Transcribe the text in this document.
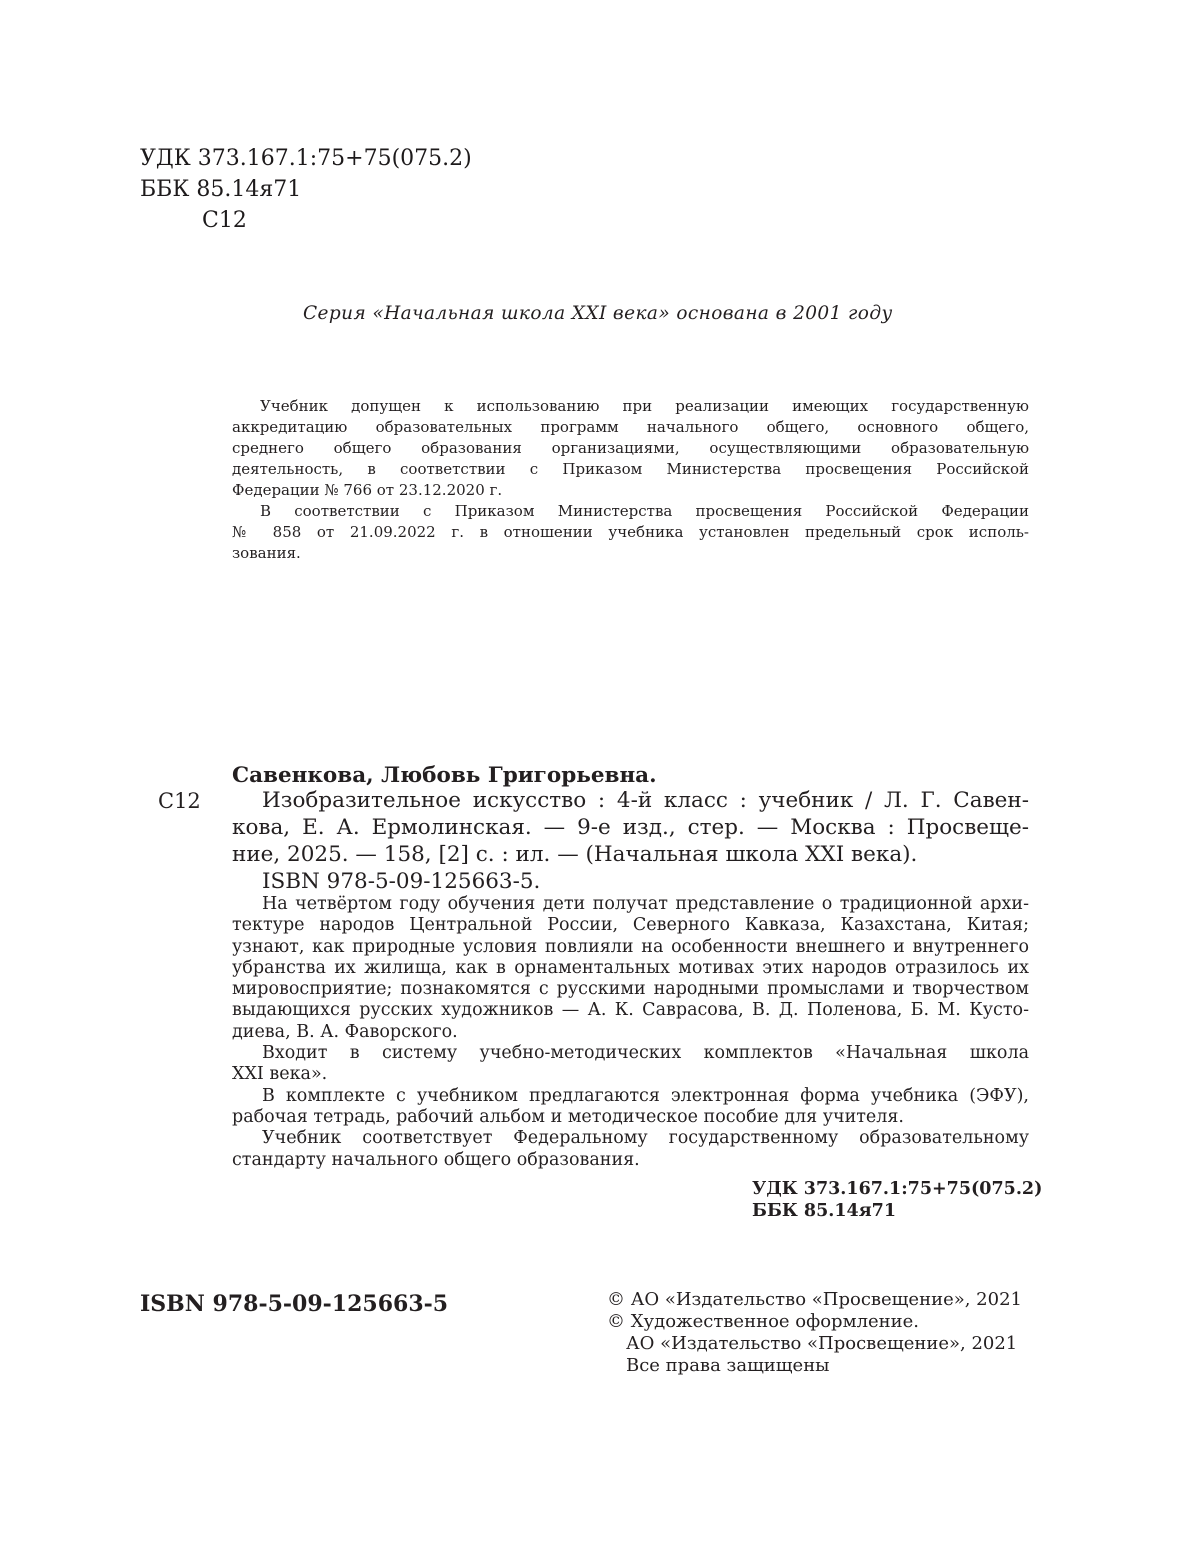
УДК 373.167.1:75+75(075.2)
ББК 85.14я71
С12
Серия «Начальная школа XXI века» основана в 2001 году

Учебник допущен к использованию при реализации имеющих государственную
аккредитацию образовательных программ начального общего, основного общего,
среднего общего образования организациями, осуществляющими образовательную
деятельность, в соответствии с Приказом Министерства просвещения Российской
Федерации № 766 от 23.12.2020 г.

В соответствии с Приказом Министерства просвещения Российской Федерации
№ 858 от 21.09.2022 г. в отношении учебника установлен предельный срок исполь-
зования.

Савенкова, Любовь Григорьевна.
С12	Изобразительное искусство : 4-й класс : учебник / Л. Г. Савен-
кова, Е. А. Ермолинская. — 9-е изд., стер. — Москва : Просвеще-
ние, 2025. — 158, [2] с. : ил. — (Начальная школа XXI века).
ISBN 978-5-09-125663-5.
На четвёртом году обучения дети получат представление о традиционной архи-
тектуре народов Центральной России, Северного Кавказа, Казахстана, Китая;
узнают, как природные условия повлияли на особенности внешнего и внутреннего
убранства их жилища, как в орнаментальных мотивах этих народов отразилось их
мировосприятие; познакомятся с русскими народными промыслами и творчеством
выдающихся русских художников — А. К. Саврасова, В. Д. Поленова, Б. М. Кусто-
диева, В. А. Фаворского.
Входит в систему учебно-методических комплектов «Начальная школа
XXI века».
В комплекте с учебником предлагаются электронная форма учебника (ЭФУ),
рабочая тетрадь, рабочий альбом и методическое пособие для учителя.
Учебник соответствует Федеральному государственному образовательному
стандарту начального общего образования.
УДК 373.167.1:75+75(075.2)
ББК 85.14я71
ISBN 978-5-09-125663-5	© АО «Издательство «Просвещение», 2021
© Художественное оформление.
АО «Издательство «Просвещение», 2021
Все права защищены
